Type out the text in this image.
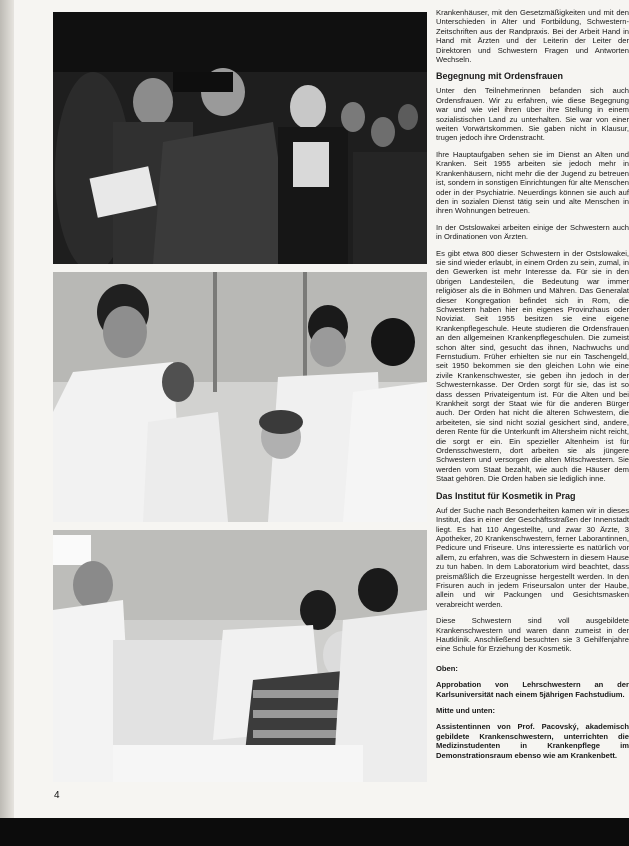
Krankenhäuser, mit den Gesetzmäßigkeiten und mit den Unterschieden in Alter und Fortbildung, Schwestern-Zeitschriften aus der Randpraxis. Bei der Arbeit Hand in Hand mit Ärzten und der Leiterin der Leiter der Direktoren und Schwestern Fragen und Antworten Wechseln.

Begegnung mit Ordensfrauen

Unter den Teilnehmerinnen befanden sich auch Ordensfrauen. Wir zu erfahren, wie diese Begegnung war und wie viel ihren über ihre Stellung in einem sozialistischen Land zu unterhalten. Sie war von einer weiten Vorwärtskommen. Sie gaben nicht in Klausur, trugen jedoch ihre Ordenstracht.

Ihre Hauptaufgaben sehen sie im Dienst an Alten und Kranken. Seit 1955 arbeiten sie jedoch mehr in Krankenhäusern, nicht mehr die der Jugend zu betreuen ist, sondern in sonstigen Einrichtungen für alte Menschen oder in der Psychiatrie. Neuerdings können sie auch auf den in sozialen Dienst tätig sein und alte Menschen in ihren Wohnungen betreuen.

In der Ostslowakei arbeiten einige der Schwestern auch in Ordinationen von Ärzten.

Es gibt etwa 800 dieser Schwestern in der Ostslowakei, sie sind wieder erlaubt, in einem Orden zu sein, zumal, in den Gewerken ist mehr Interesse da. Für sie in den übrigen Landesteilen, die Bedeutung war immer religiöser als die in Böhmen und Mähren. Das Generalat dieser Kongregation befindet sich in Rom, die Schwestern haben hier ein eigenes Provinzhaus oder Noviziat. Seit 1955 besitzen sie eine eigene Krankenpflegeschule. Heute studieren die Ordensfrauen an den allgemeinen Krankenpflegeschulen. Die zumeist schon älter sind, gesucht das ihnen, Nachwuchs und Fernstudium. Früher erhielten sie nur ein Taschengeld, seit 1950 bekommen sie den gleichen Lohn wie eine zivile Krankenschwester, sie geben ihn jedoch in der Schwesternkasse. Der Orden sorgt für sie, das ist so dass dessen Privateigentum ist. Für die Alten und bei Krankheit sorgt der Staat wie für die anderen Bürger auch. Der Orden hat nicht die älteren Schwestern, die arbeiteten, sie sind nicht sozial gesichert sind, andere, deren Rente für die Unterkunft im Altersheim nicht reicht, die sorgt er ein. Ein spezieller Altenheim ist für Ordensschwestern, dort arbeiten sie als jüngere Schwestern und versorgen die alten Mitschwestern. Sie werden vom Staat bezahlt, wie auch die Häuser dem Staat gehören. Die Orden haben sie lediglich inne.

Das Institut für Kosmetik in Prag

Auf der Suche nach Besonderheiten kamen wir in dieses Institut, das in einer der Geschäftsstraßen der Innenstadt liegt. Es hat 110 Angestellte, und zwar 30 Ärzte, 3 Apotheker, 20 Krankenschwestern, ferner Laborantinnen, Pedicure und Friseure. Uns interessierte es natürlich vor allem, zu erfahren, was die Schwestern in diesem Hause zu tun haben. In dem Laboratorium wird beachtet, dass preismäßlich die Erzeugnisse hergestellt werden. In den Frisuren auch in jedem Friseursalon unter der Haube, allein und wir Packungen und Gesichtsmasken verabreicht werden.

Diese Schwestern sind voll ausgebildete Krankenschwestern und waren dann zumeist in der Hautklinik. Anschließend besuchten sie 3 Gehilfenjahre eine Schule für Erziehung der Kosmetik.

Oben:

Approbation von Lehrschwestern an der Karlsuniversität nach einem 5jährigen Fachstudium.

Mitte und unten:

Assistentinnen von Prof. Pacovský, akademisch gebildete Krankenschwestern, unterrichten die Medizinstudenten in Krankenpflege im Demonstrationsraum ebenso wie am Krankenbett.

4
